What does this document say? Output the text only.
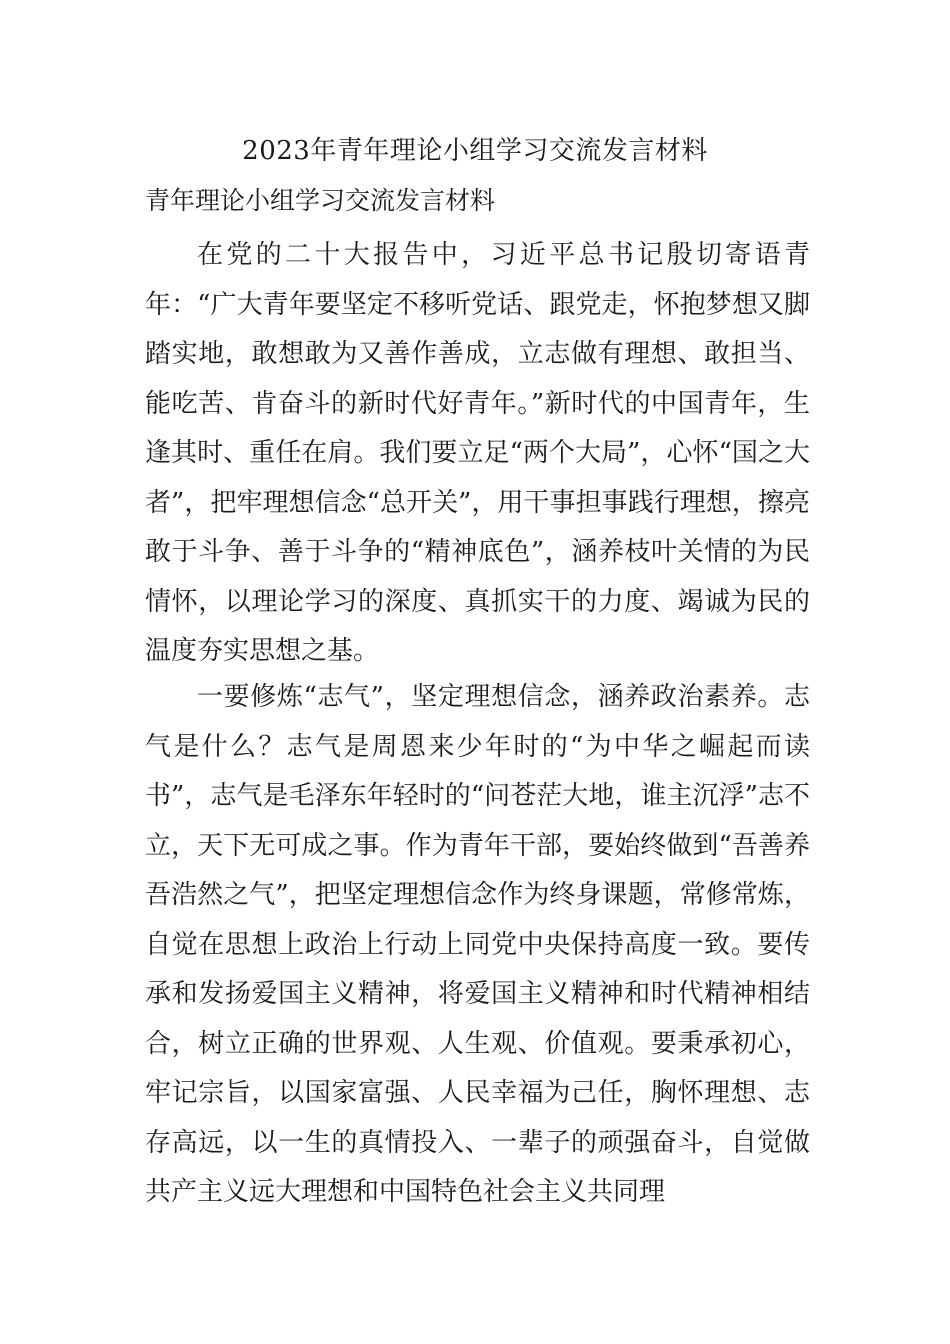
2023年青年理论小组学习交流发言材料
青年理论小组学习交流发言材料

在党的二十大报告中，习近平总书记殷切寄语青年：“广大青年要坚定不移听党话、跟党走，怀抱梦想又脚踏实地，敢想敢为又善作善成，立志做有理想、敢担当、能吃苦、肯奋斗的新时代好青年。”新时代的中国青年，生逢其时、重任在肩。我们要立足“两个大局”，心怀“国之大者”，把牢理想信念“总开关”，用干事担事践行理想，擦亮敢于斗争、善于斗争的“精神底色”，涵养枝叶关情的为民情怀，以理论学习的深度、真抓实干的力度、竭诚为民的温度夯实思想之基。

一要修炼“志气”，坚定理想信念，涵养政治素养。志气是什么？志气是周恩来少年时的“为中华之崛起而读书”，志气是毛泽东年轻时的“问苍茫大地，谁主沉浮”志不立，天下无可成之事。作为青年干部，要始终做到“吾善养吾浩然之气”，把坚定理想信念作为终身课题，常修常炼，自觉在思想上政治上行动上同党中央保持高度一致。要传承和发扬爱国主义精神，将爱国主义精神和时代精神相结合，树立正确的世界观、人生观、价值观。要秉承初心，牢记宗旨，以国家富强、人民幸福为己任，胸怀理想、志存高远，以一生的真情投入、一辈子的顽强奋斗，自觉做共产主义远大理想和中国特色社会主义共同理
